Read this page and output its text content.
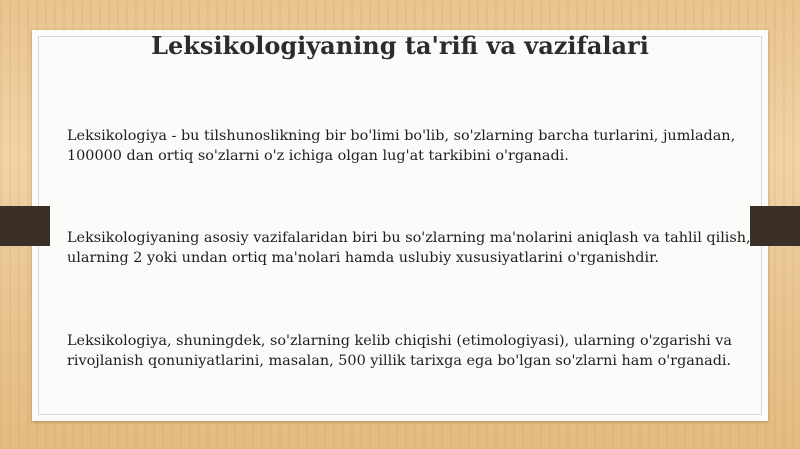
Leksikologiyaning ta'rifi va vazifalari
Leksikologiya - bu tilshunoslikning bir bo'limi bo'lib, so'zlarning barcha turlarini, jumladan,
100000 dan ortiq so'zlarni o'z ichiga olgan lug'at tarkibini o'rganadi.
Leksikologiyaning asosiy vazifalaridan biri bu so'zlarning ma'nolarini aniqlash va tahlil qilish,
ularning 2 yoki undan ortiq ma'nolari hamda uslubiy xususiyatlarini o'rganishdir.
Leksikologiya, shuningdek, so'zlarning kelib chiqishi (etimologiyasi), ularning o'zgarishi va
rivojlanish qonuniyatlarini, masalan, 500 yillik tarixga ega bo'lgan so'zlarni ham o'rganadi.
